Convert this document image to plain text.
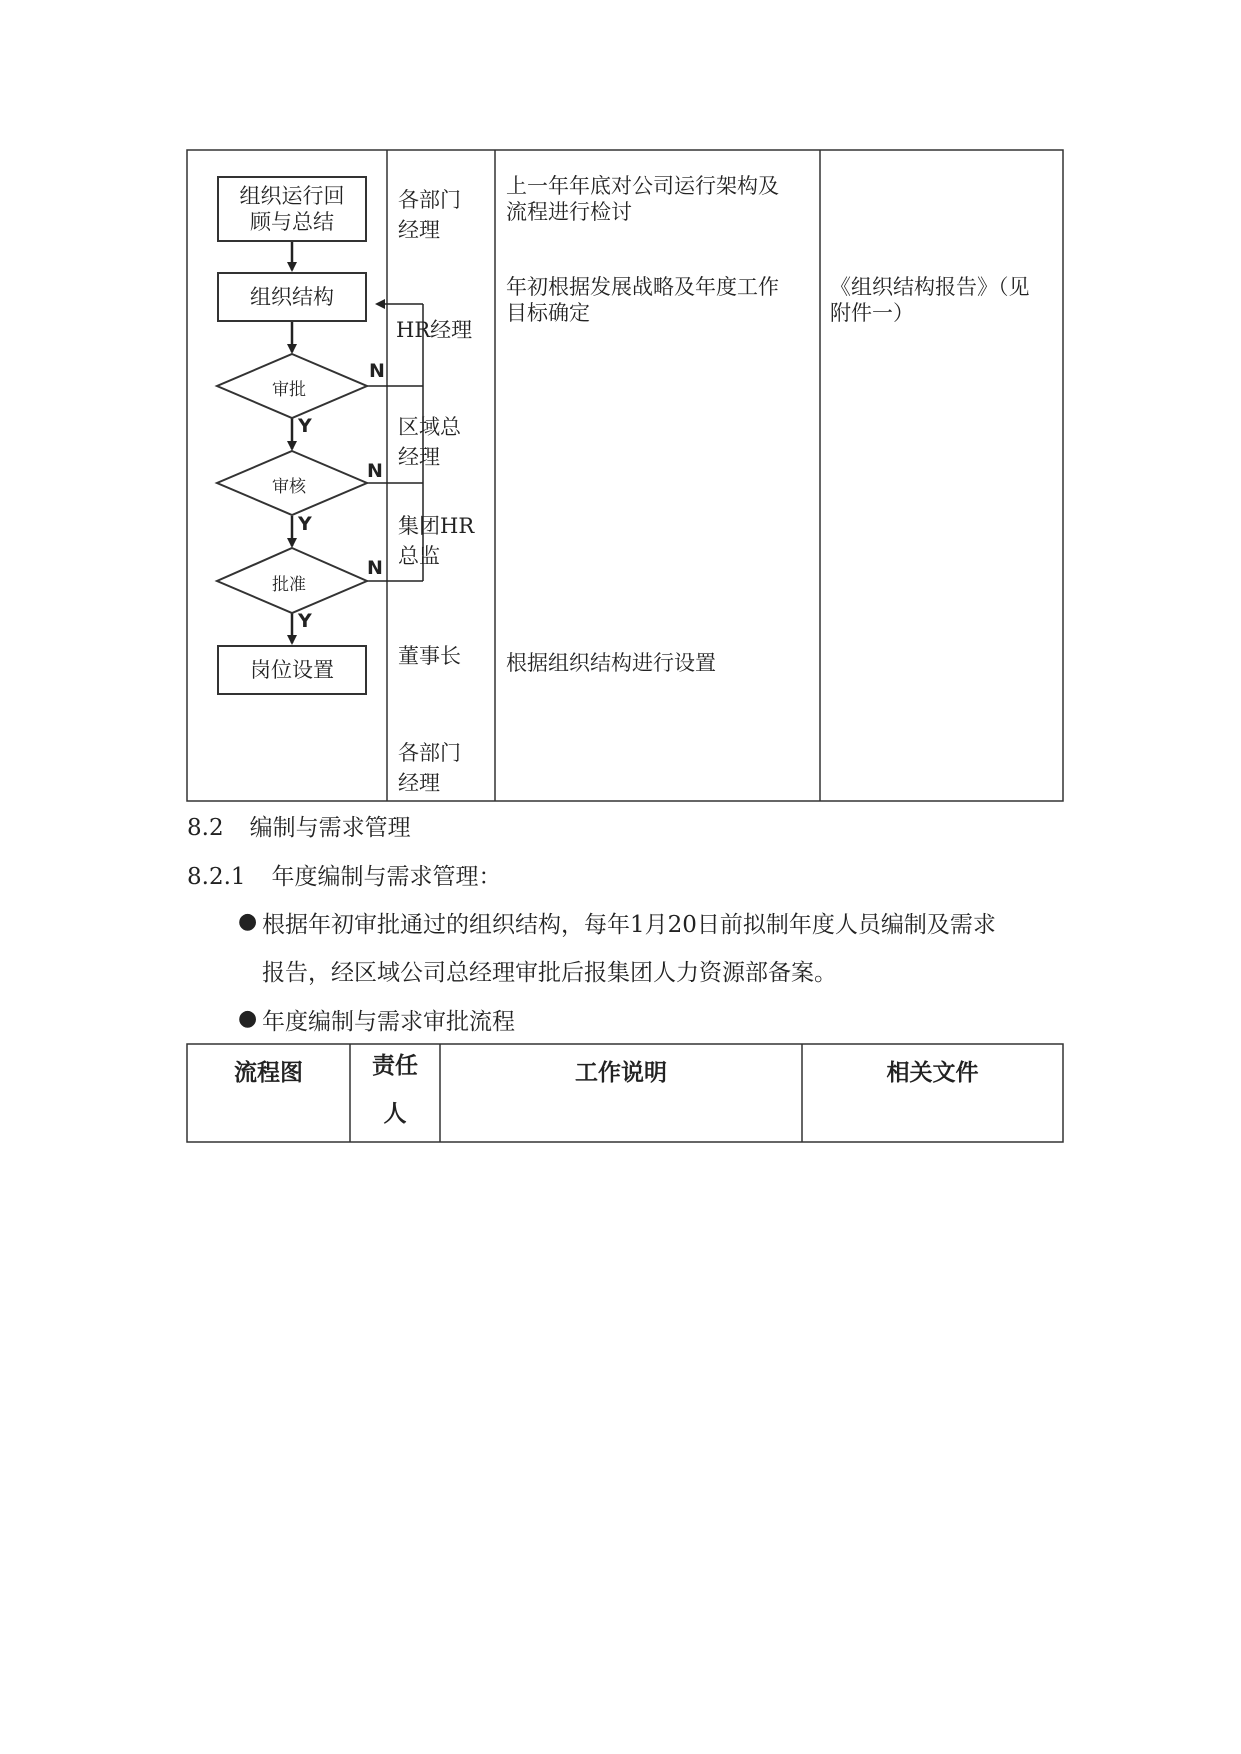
组织运行回顾与总结
组织结构
审批
审核
批准
岗位设置
N
N
N
Y
Y
Y
各部门
经理
HR经理
区域总
经理
集团HR
总监
董事长
各部门
经理
上一年年底对公司运行架构及
流程进行检讨
年初根据发展战略及年度工作
目标确定
根据组织结构进行设置
《组织结构报告》（见
附件一）
8.2 编制与需求管理
8.2.1 年度编制与需求管理：
● 根据年初审批通过的组织结构，每年1月20日前拟制年度人员编制及需求
报告，经区域公司总经理审批后报集团人力资源部备案。
● 年度编制与需求审批流程
流程图	责任
人
工作说明	相关文件
